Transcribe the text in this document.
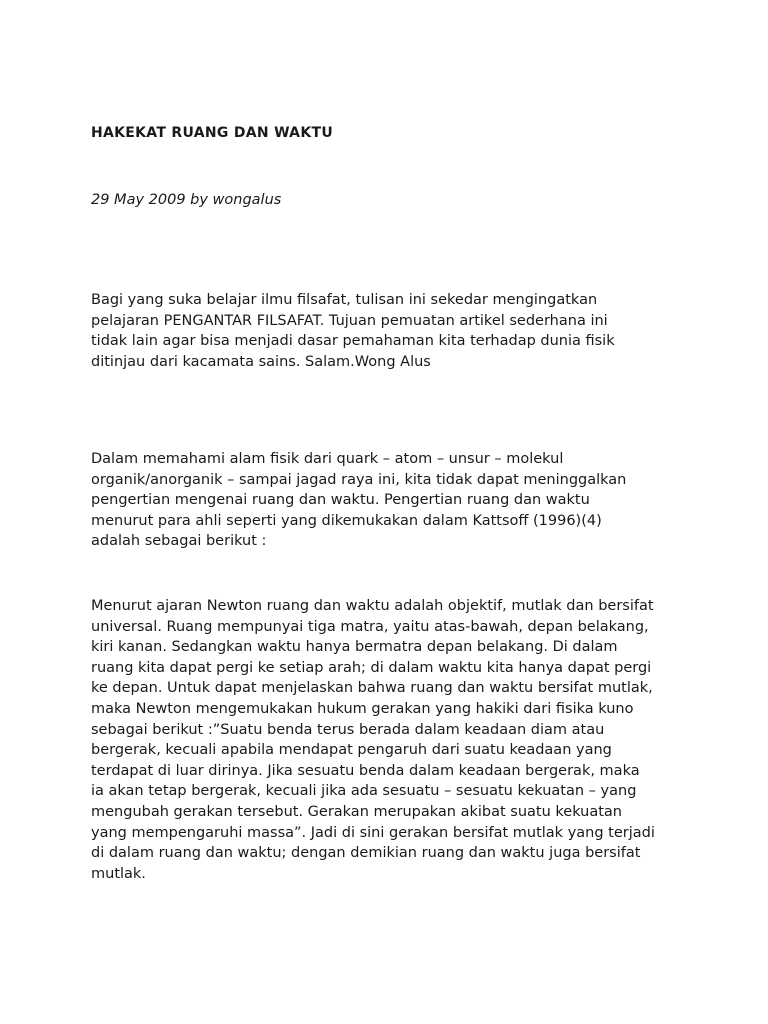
HAKEKAT RUANG DAN WAKTU

29 May 2009 by wongalus

Bagi yang suka belajar ilmu filsafat, tulisan ini sekedar mengingatkan
pelajaran PENGANTAR FILSAFAT. Tujuan pemuatan artikel sederhana ini
tidak lain agar bisa menjadi dasar pemahaman kita terhadap dunia fisik
ditinjau dari kacamata sains. Salam.Wong Alus

Dalam memahami alam fisik dari quark – atom – unsur – molekul
organik/anorganik – sampai jagad raya ini, kita tidak dapat meninggalkan
pengertian mengenai ruang dan waktu. Pengertian ruang dan waktu
menurut para ahli seperti yang dikemukakan dalam Kattsoff (1996)(4)
adalah sebagai berikut :

Menurut ajaran Newton ruang dan waktu adalah objektif, mutlak dan bersifat
universal. Ruang mempunyai tiga matra, yaitu atas-bawah, depan belakang,
kiri kanan. Sedangkan waktu hanya bermatra depan belakang. Di dalam
ruang kita dapat pergi ke setiap arah; di dalam waktu kita hanya dapat pergi
ke depan. Untuk dapat menjelaskan bahwa ruang dan waktu bersifat mutlak,
maka Newton mengemukakan hukum gerakan yang hakiki dari fisika kuno
sebagai berikut :”Suatu benda terus berada dalam keadaan diam atau
bergerak, kecuali apabila mendapat pengaruh dari suatu keadaan yang
terdapat di luar dirinya. Jika sesuatu benda dalam keadaan bergerak, maka
ia akan tetap bergerak, kecuali jika ada sesuatu – sesuatu kekuatan – yang
mengubah gerakan tersebut. Gerakan merupakan akibat suatu kekuatan
yang mempengaruhi massa”. Jadi di sini gerakan bersifat mutlak yang terjadi
di dalam ruang dan waktu; dengan demikian ruang dan waktu juga bersifat
mutlak.
